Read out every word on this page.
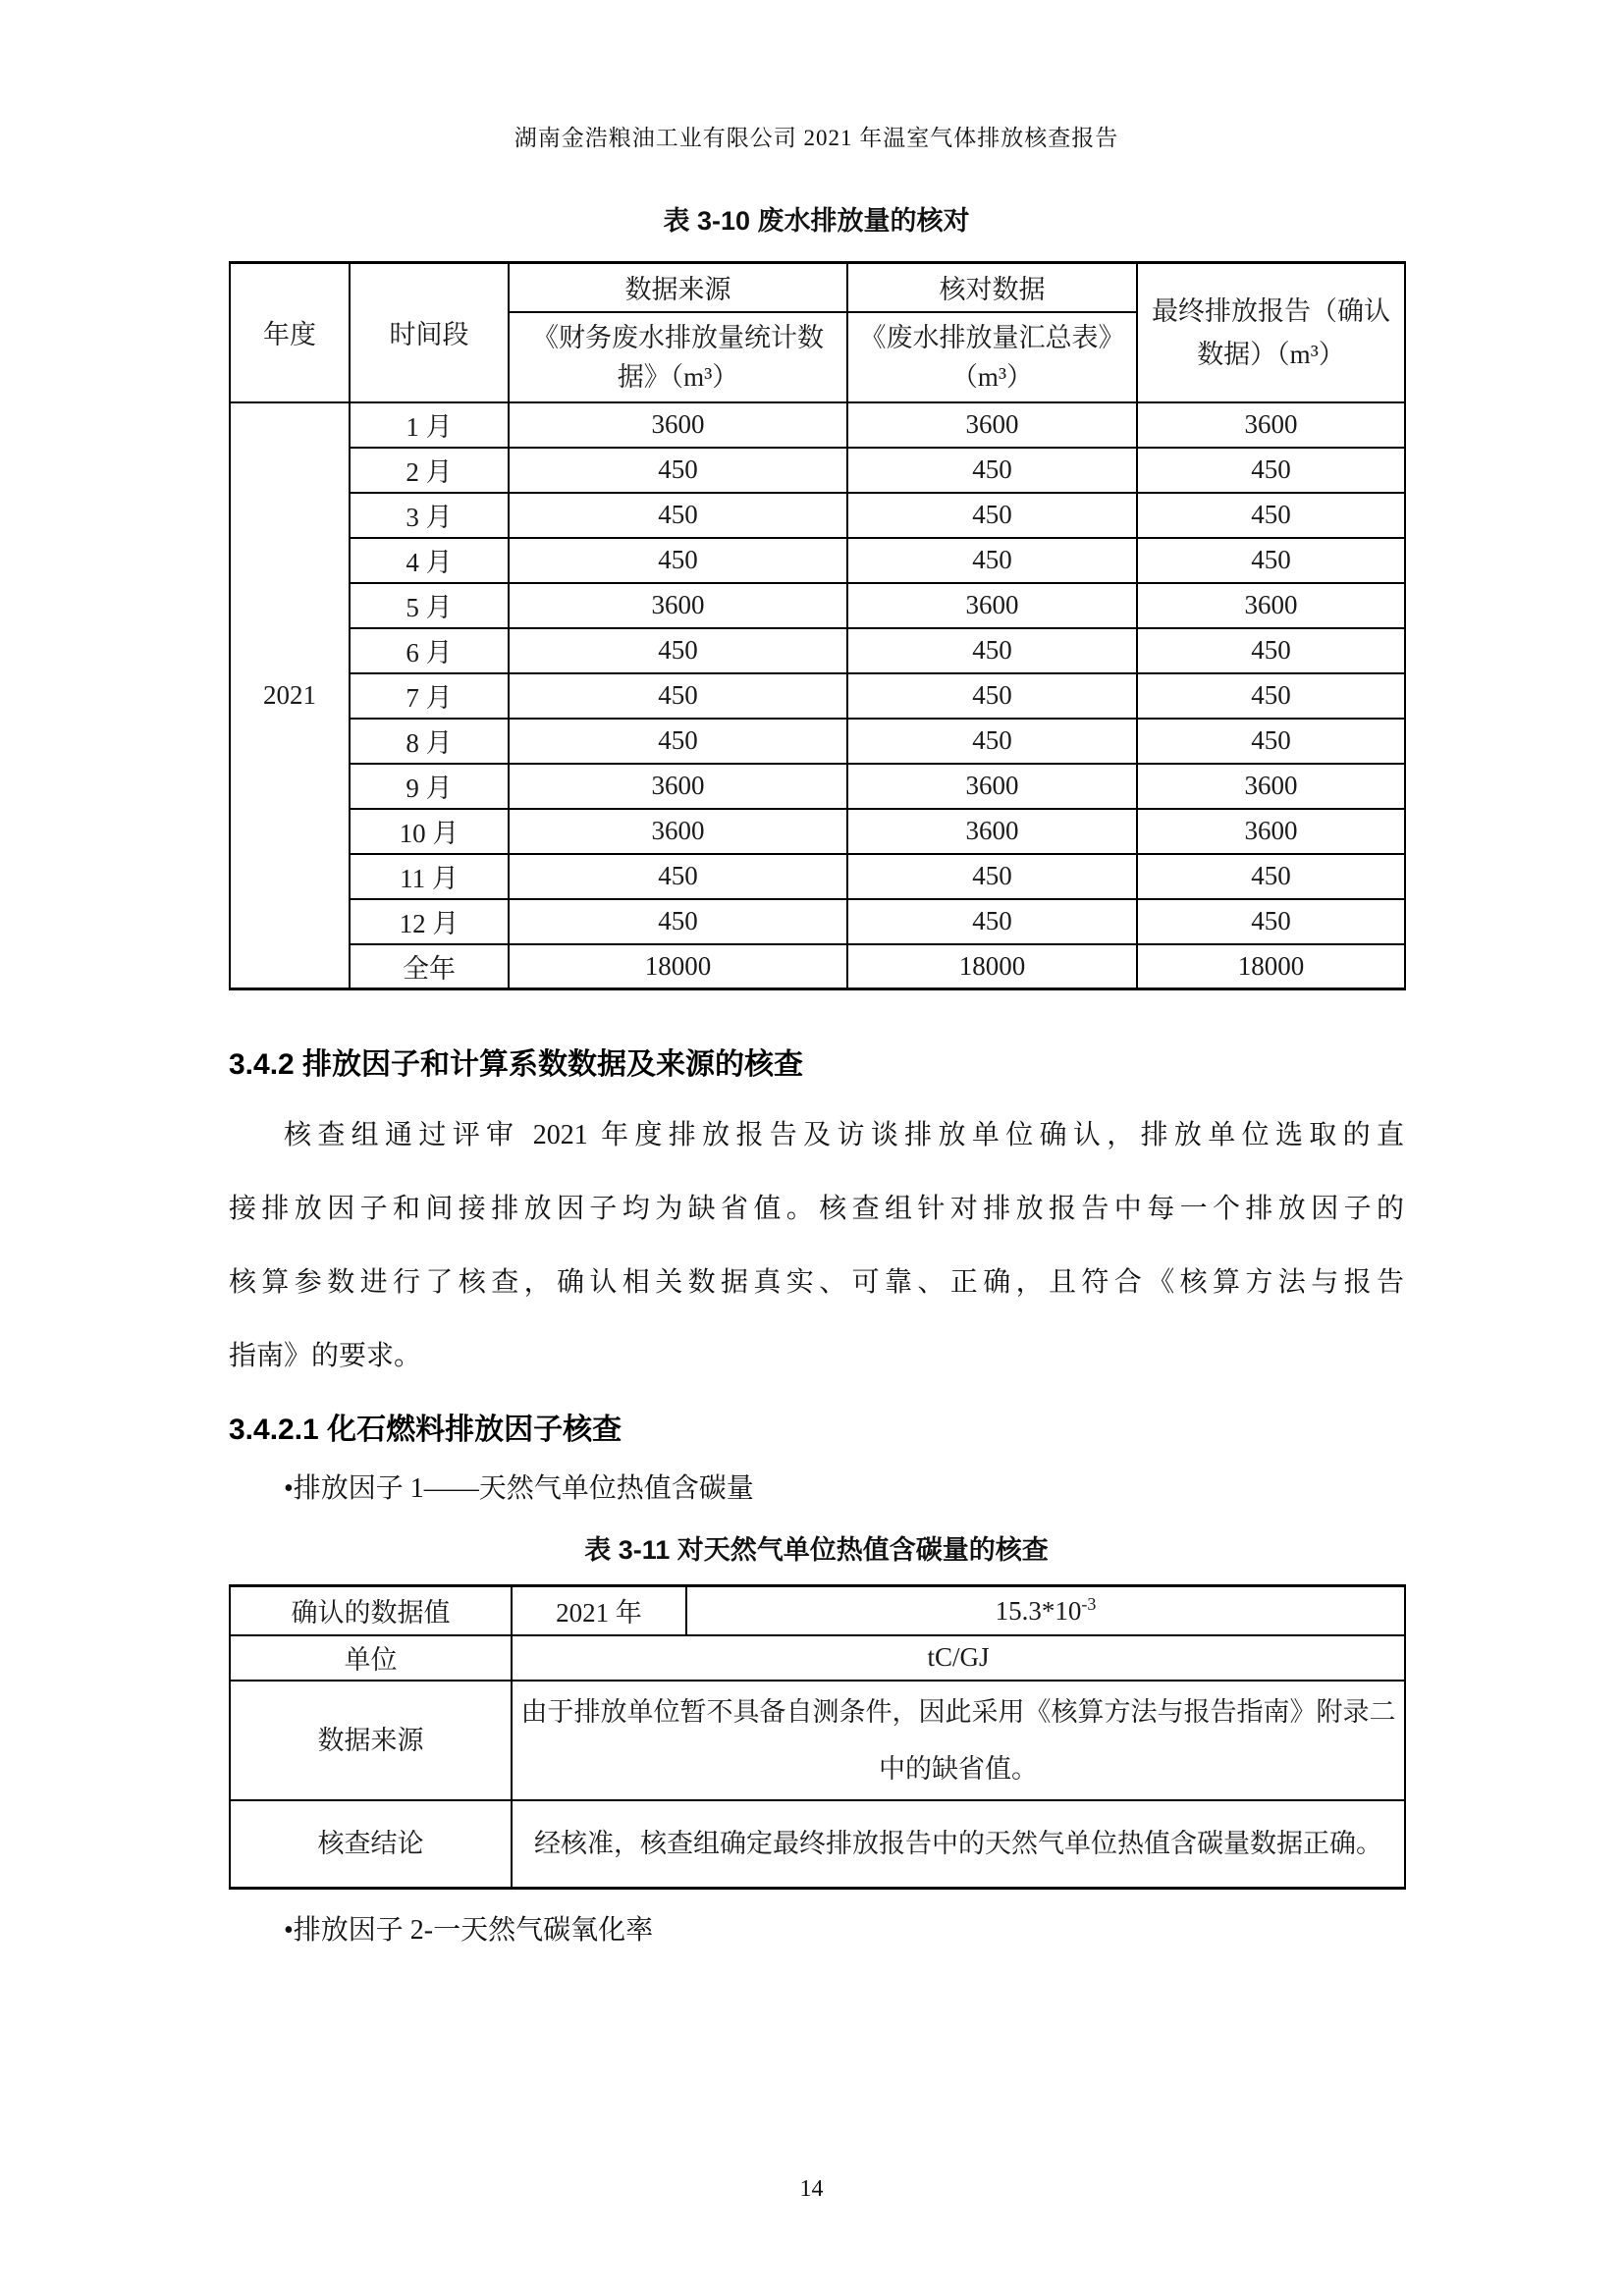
湖南金浩粮油工业有限公司 2021 年温室气体排放核查报告
表 3-10 废水排放量的核对
年度	时间段	数据来源	核对数据	最终排放报告（确认数据）（m³）
		《财务废水排放量统计数据》（m³）	《废水排放量汇总表》（m³）	
2021	1 月	3600	3600	3600
	2 月	450	450	450
	3 月	450	450	450
	4 月	450	450	450
	5 月	3600	3600	3600
	6 月	450	450	450
	7 月	450	450	450
	8 月	450	450	450
	9 月	3600	3600	3600
	10 月	3600	3600	3600
	11 月	450	450	450
	12 月	450	450	450
	全年	18000	18000	18000
3.4.2 排放因子和计算系数数据及来源的核查
核查组通过评审 2021 年度排放报告及访谈排放单位确认，排放单位选取的直
接排放因子和间接排放因子均为缺省值。核查组针对排放报告中每一个排放因子的
核算参数进行了核查，确认相关数据真实、可靠、正确，且符合《核算方法与报告
指南》的要求。
3.4.2.1 化石燃料排放因子核查
•排放因子 1——天然气单位热值含碳量
表 3-11 对天然气单位热值含碳量的核查
确认的数据值	2021 年	$15.3*10^{-3}$
单位	tC/GJ	
数据来源	由于排放单位暂不具备自测条件，因此采用《核算方法与报告指南》附录二中的缺省值。	
核查结论	经核准，核查组确定最终排放报告中的天然气单位热值含碳量数据正确。	
•排放因子 2-一天然气碳氧化率
14
